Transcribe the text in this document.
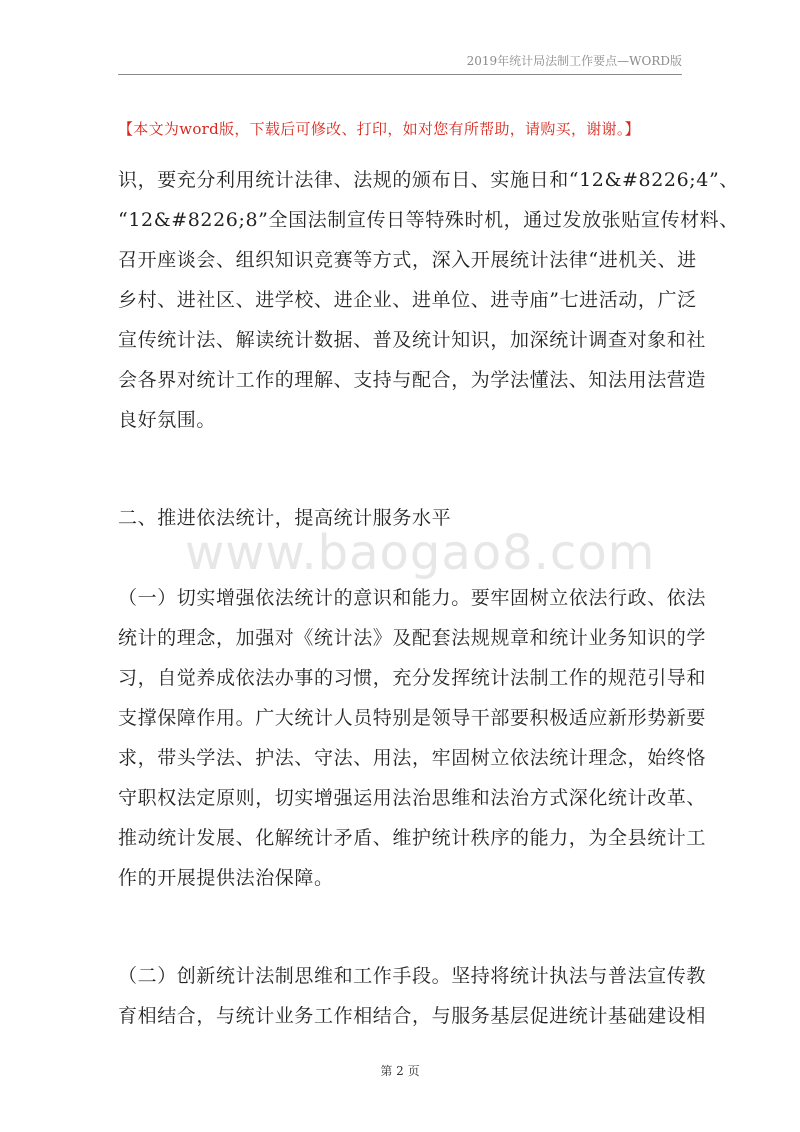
2019年统计局法制工作要点—WORD版
【本文为word版，下载后可修改、打印，如对您有所帮助，请购买，谢谢。】
www.baogao8.com

识，要充分利用统计法律、法规的颁布日、实施日和“12&#8226;4”、
“12&#8226;8”全国法制宣传日等特殊时机，通过发放张贴宣传材料、
召开座谈会、组织知识竞赛等方式，深入开展统计法律“进机关、进
乡村、进社区、进学校、进企业、进单位、进寺庙”七进活动，广泛
宣传统计法、解读统计数据、普及统计知识，加深统计调查对象和社
会各界对统计工作的理解、支持与配合，为学法懂法、知法用法营造
良好氛围。

二、推进依法统计，提高统计服务水平

（一）切实增强依法统计的意识和能力。要牢固树立依法行政、依法
统计的理念，加强对《统计法》及配套法规规章和统计业务知识的学
习，自觉养成依法办事的习惯，充分发挥统计法制工作的规范引导和
支撑保障作用。广大统计人员特别是领导干部要积极适应新形势新要
求，带头学法、护法、守法、用法，牢固树立依法统计理念，始终恪
守职权法定原则，切实增强运用法治思维和法治方式深化统计改革、
推动统计发展、化解统计矛盾、维护统计秩序的能力，为全县统计工
作的开展提供法治保障。

（二）创新统计法制思维和工作手段。坚持将统计执法与普法宣传教
育相结合，与统计业务工作相结合，与服务基层促进统计基础建设相

第 2 页
